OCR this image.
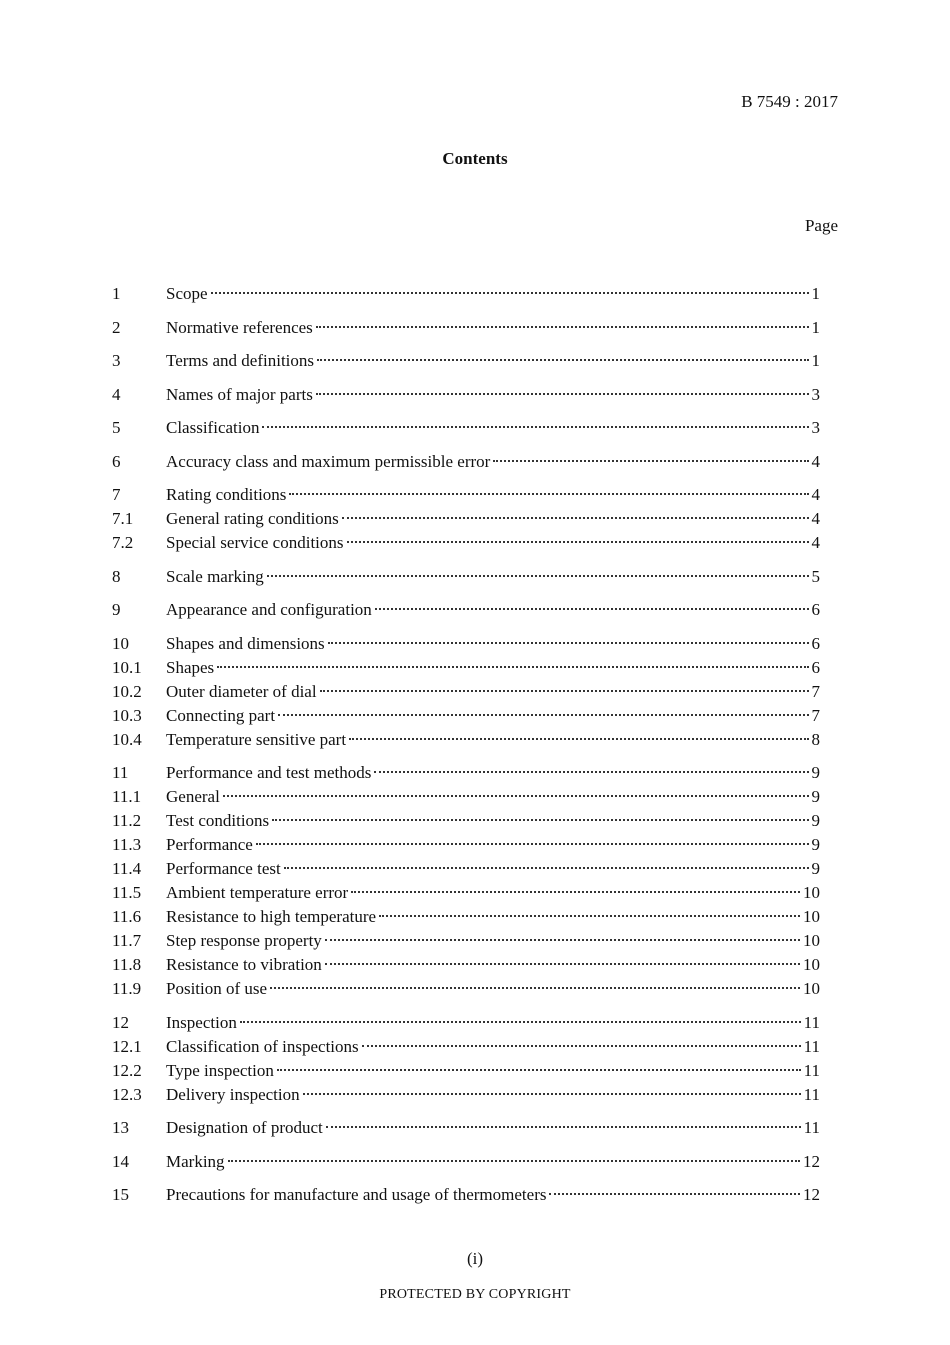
B 7549 : 2017
Contents
Page
1	Scope	1
2	Normative references	1
3	Terms and definitions	1
4	Names of major parts	3
5	Classification	3
6	Accuracy class and maximum permissible error	4
7	Rating conditions	4
7.1	General rating conditions	4
7.2	Special service conditions	4
8	Scale marking	5
9	Appearance and configuration	6
10	Shapes and dimensions	6
10.1	Shapes	6
10.2	Outer diameter of dial	7
10.3	Connecting part	7
10.4	Temperature sensitive part	8
11	Performance and test methods	9
11.1	General	9
11.2	Test conditions	9
11.3	Performance	9
11.4	Performance test	9
11.5	Ambient temperature error	10
11.6	Resistance to high temperature	10
11.7	Step response property	10
11.8	Resistance to vibration	10
11.9	Position of use	10
12	Inspection	11
12.1	Classification of inspections	11
12.2	Type inspection	11
12.3	Delivery inspection	11
13	Designation of product	11
14	Marking	12
15	Precautions for manufacture and usage of thermometers	12
(i)
PROTECTED BY COPYRIGHT
